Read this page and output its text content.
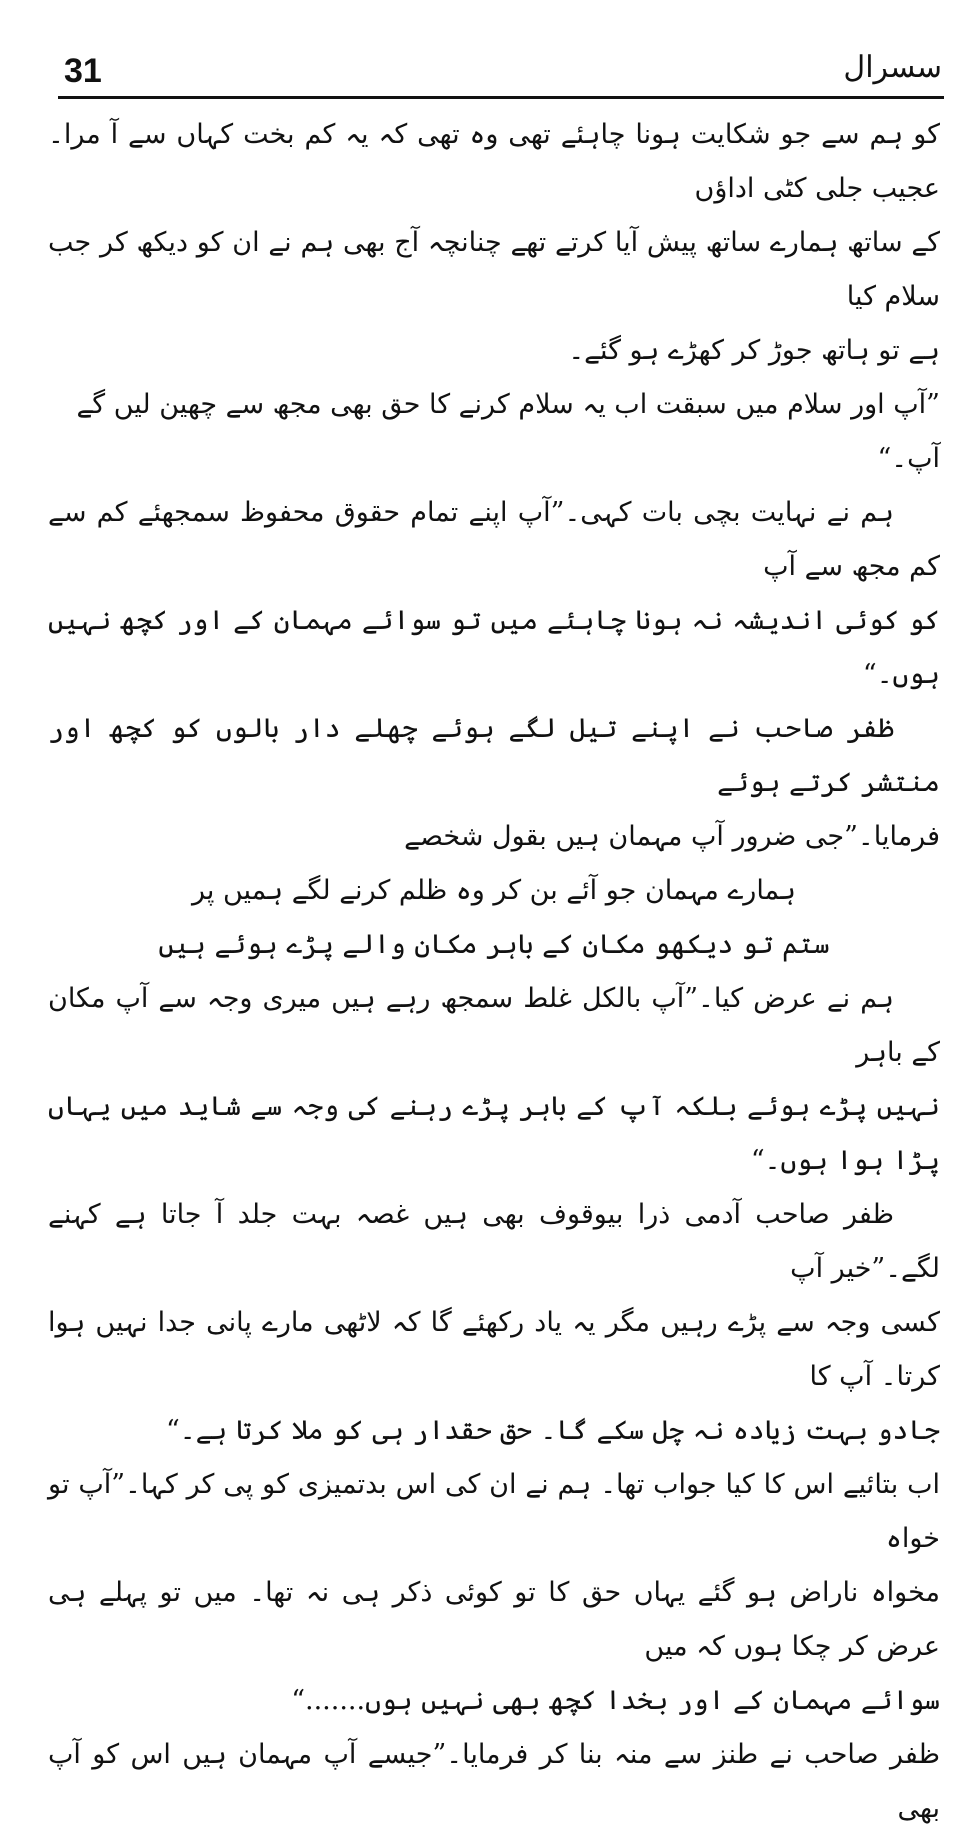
31	سسرال

کو ہم سے جو شکایت ہونا چاہئے تھی وہ تھی کہ یہ کم بخت کہاں سے آ مرا۔ عجیب جلی کٹی اداؤں

کے ساتھ ہمارے ساتھ پیش آیا کرتے تھے چنانچہ آج بھی ہم نے ان کو دیکھ کر جب سلام کیا

ہے تو ہاتھ جوڑ کر کھڑے ہو گئے۔

”آپ اور سلام میں سبقت اب یہ سلام کرنے کا حق بھی مجھ سے چھین لیں گے

آپ۔“

ہم نے نہایت بچی بات کہی۔”آپ اپنے تمام حقوق محفوظ سمجھئے کم سے کم مجھ سے آپ

کو کوئی اندیشہ نہ ہونا چاہئے میں تو سوائے مہمان کے اور کچھ نہیں ہوں۔“

ظفر صاحب نے اپنے تیل لگے ہوئے چھلے دار بالوں کو کچھ اور منتشر کرتے ہوئے

فرمایا۔”جی ضرور آپ مہمان ہیں بقول شخصے

ہمارے مہمان جو آئے بن کر وہ ظلم کرنے لگے ہمیں پر

ستم تو دیکھو مکان کے باہر مکان والے پڑے ہوئے ہیں

ہم نے عرض کیا۔”آپ بالکل غلط سمجھ رہے ہیں میری وجہ سے آپ مکان کے باہر

نہیں پڑے ہوئے بلکہ آپ کے باہر پڑے رہنے کی وجہ سے شاید میں یہاں پڑا ہوا ہوں۔“

ظفر صاحب آدمی ذرا بیوقوف بھی ہیں غصہ بہت جلد آ جاتا ہے کہنے لگے۔”خیر آپ

کسی وجہ سے پڑے رہیں مگر یہ یاد رکھئے گا کہ لاٹھی مارے پانی جدا نہیں ہوا کرتا۔ آپ کا

جادو بہت زیادہ نہ چل سکے گا۔ حق حقدار ہی کو ملا کرتا ہے۔“

اب بتائیے اس کا کیا جواب تھا۔ ہم نے ان کی اس بدتمیزی کو پی کر کہا۔”آپ تو خواہ

مخواہ ناراض ہو گئے یہاں حق کا تو کوئی ذکر ہی نہ تھا۔ میں تو پہلے ہی عرض کر چکا ہوں کہ میں

سوائے مہمان کے اور بخدا کچھ بھی نہیں ہوں.......“

ظفر صاحب نے طنز سے منہ بنا کر فرمایا۔”جیسے آپ مہمان ہیں اس کو آپ بھی
